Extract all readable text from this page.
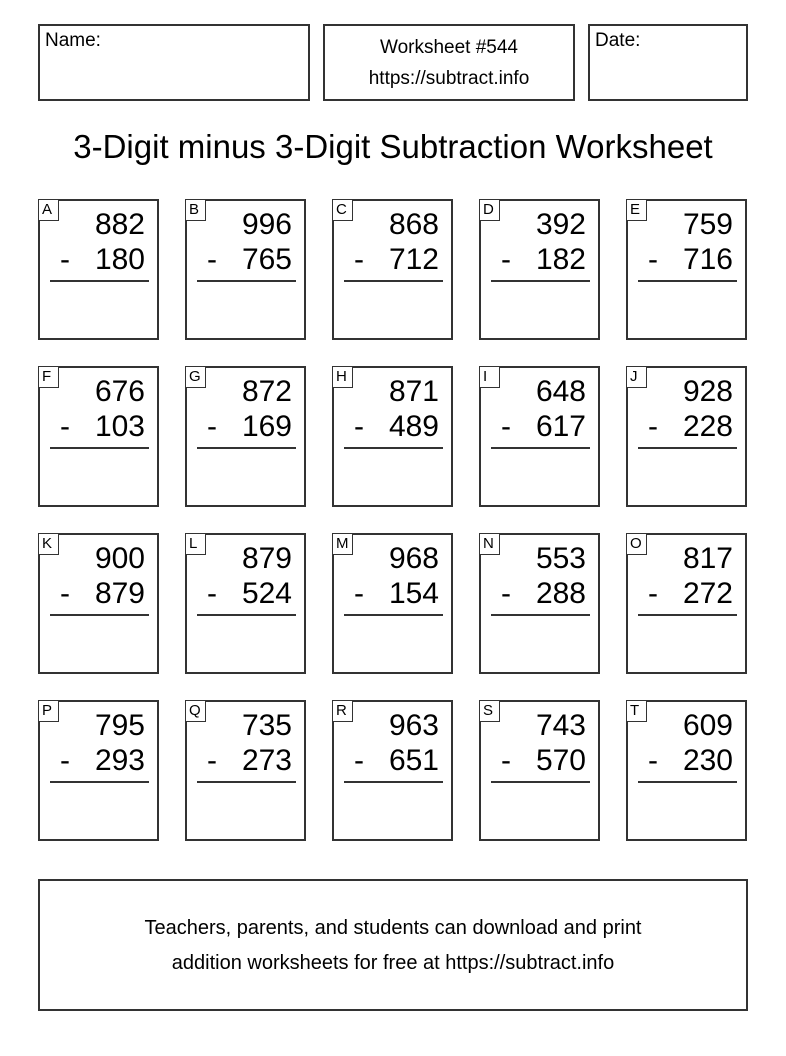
Name:	Worksheet #544
https://subtract.info
Date:
3-Digit minus 3-Digit Subtraction Worksheet
A 882
- 180
B 996
- 765
C 868
- 712
D 392
- 182
E 759
- 716
F 676
- 103
G 872
- 169
H 871
- 489
I	648
- 617
J	928
- 228
K 900
- 879
L 879
- 524
M 968
- 154
N 553
- 288
O 817
- 272
P 795
- 293
Q 735
- 273
R 963
- 651
S 743
- 570
T 609
- 230
Teachers, parents, and students can download and print
addition worksheets for free at https://subtract.info
